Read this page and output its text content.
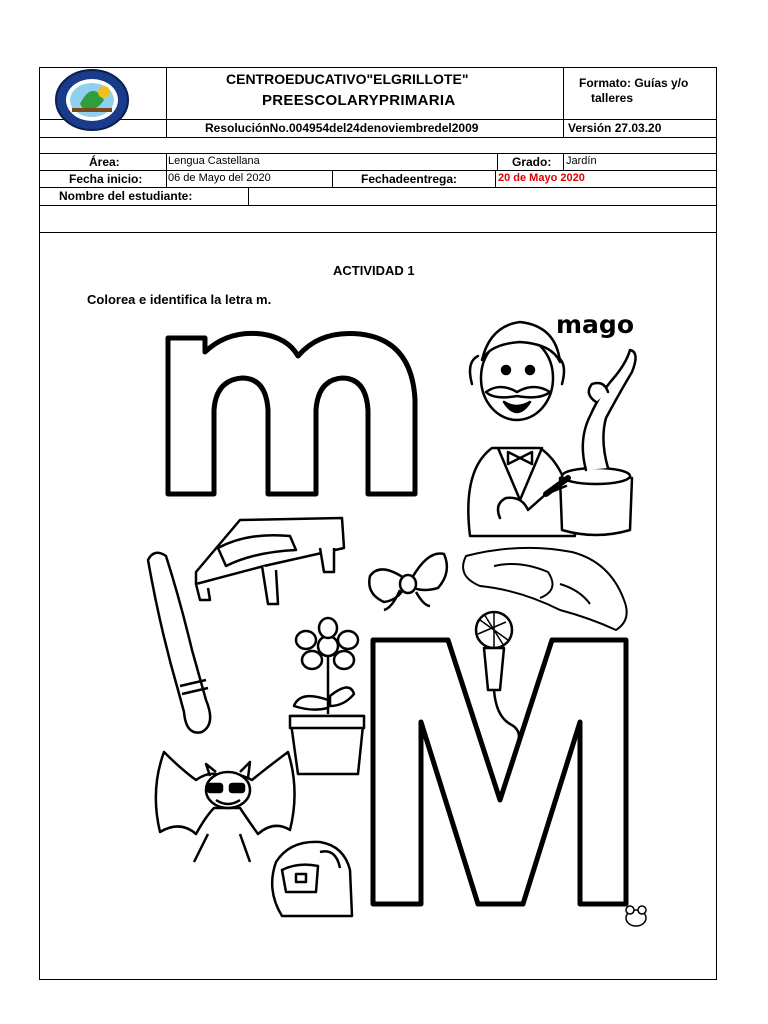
CENTROEDUCATIVO"ELGRILLOTE"
PREESCOLARYPRIMARIA
Formato: Guías y/o
talleres
ResoluciónNo.004954del24denoviembredel2009	Versión 27.03.20
Área:	Lengua Castellana	Grado: Jardín
Fecha inicio: 06 de Mayo del 2020	Fechadeentrega:	20 de Mayo 2020
Nombre del estudiante:
ACTIVIDAD 1
Colorea e identifica la letra m.
mago
